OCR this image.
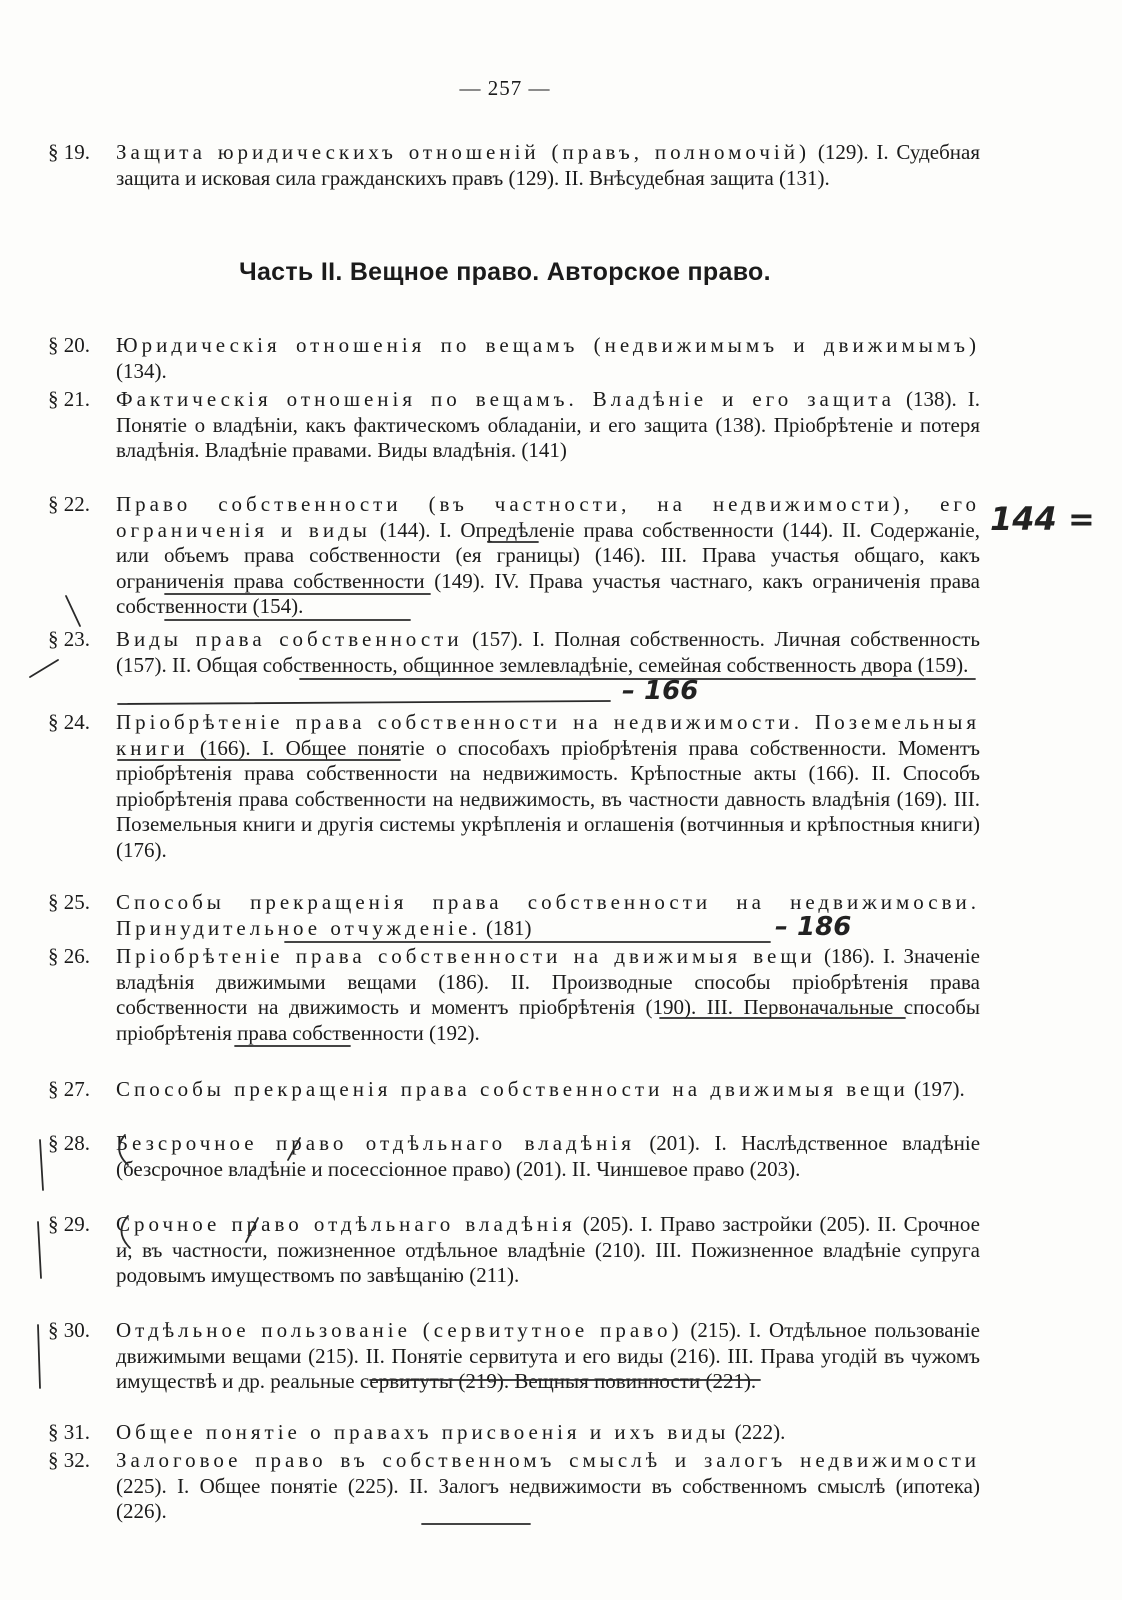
— 257 —
§ 19.	Защита юридическихъ отношенiй (правъ, полномочiй) (129). I. Судебная защита и исковая сила гражданскихъ правъ (129). II. Внѣсудебная защита (131).
Часть II. Вещное право. Авторское право.
§ 20.	Юридическiя отношенiя по вещамъ (недвижимымъ и движимымъ) (134).
§ 21.	Фактическiя отношенiя по вещамъ. Владѣнiе и его защита (138). I. Понятiе о владѣнiи, какъ фактическомъ обладанiи, и его защита (138). Прiобрѣтенiе и потеря владѣнiя. Владѣнiе правами. Виды владѣнiя. (141)
§ 22.	Право собственности (въ частности, на недвижимости), его ограниченiя и виды (144). I. Опредѣленiе права собственности (144). II. Содержанiе, или объемъ права собственности (ея границы) (146). III. Права участья общаго, какъ ограниченiя права собственности (149). IV. Права участья частнаго, какъ ограниченiя права собственности (154).
§ 23.	Виды права собственности (157). I. Полная собственность. Личная собственность (157). II. Общая собственность, общинное землевладѣнiе, семейная собственность двора (159).
§ 24.	Прiобрѣтенiе права собственности на недвижимости. Поземельныя книги (166). I. Общее понятiе о способахъ прiобрѣтенiя права собственности. Моментъ прiобрѣтенiя права собственности на недвижимость. Крѣпостные акты (166). II. Способъ прiобрѣтенiя права собственности на недвижимость, въ частности давность владѣнiя (169). III. Поземельныя книги и другiя системы укрѣпленiя и оглашенiя (вотчинныя и крѣпостныя книги) (176).
§ 25.	Способы прекращенiя права собственности на недвижимосви. Принудительное отчужденiе. (181)
§ 26.	Прiобрѣтенiе права собственности на движимыя вещи (186). I. Значенiе владѣнiя движимыми вещами (186). II. Производные способы прiобрѣтенiя права собственности на движимость и моментъ прiобрѣтенiя (190). III. Первоначальные способы прiобрѣтенiя права собственности (192).
§ 27.	Способы прекращенiя права собственности на движимыя вещи (197).
§ 28.	Безсрочное право отдѣльнаго владѣнiя (201). I. Наслѣдственное владѣнiе (безсрочное владѣнiе и посессiонное право) (201). II. Чиншевое право (203).
§ 29.	Срочное право отдѣльнаго владѣнiя (205). I. Право застройки (205). II. Срочное и, въ частности, пожизненное отдѣльное владѣнiе (210). III. Пожизненное владѣнiе супруга родовымъ имуществомъ по завѣщанiю (211).
§ 30.	Отдѣльное пользованiе (сервитутное право) (215). I. Отдѣльное пользованiе движимыми вещами (215). II. Понятiе сервитута и его виды (216). III. Права угодiй въ чужомъ имуществѣ и др. реальные сервитуты (219). Вещныя повинности (221).
§ 31.	Общее понятiе о правахъ присвоенiя и ихъ виды (222).
§ 32.	Залоговое право въ собственномъ смыслѣ и залогъ недвижимости (225). I. Общее понятiе (225). II. Залогъ недвижимости въ собственномъ смыслѣ (ипотека) (226).
144 =
– 166
– 186
